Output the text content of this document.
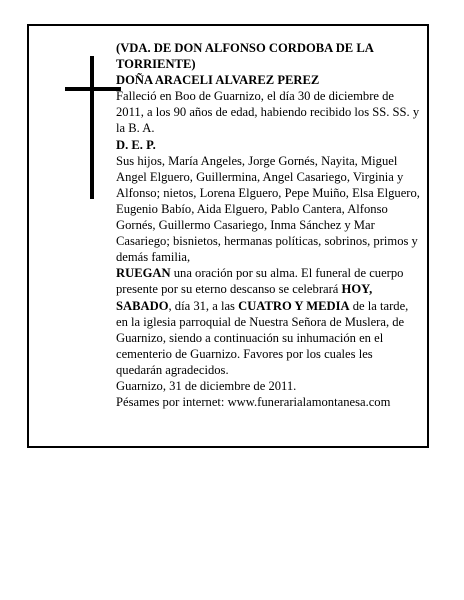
(VDA. DE DON ALFONSO CORDOBA DE LA TORRIENTE)

DOÑA ARACELI ALVAREZ PEREZ

Falleció en Boo de Guarnizo, el día 30 de diciembre de 2011, a los 90 años de edad, habiendo recibido los SS. SS. y la B. A.

D. E. P.

Sus hijos, María Angeles, Jorge Gornés, Nayita, Miguel Angel Elguero, Guillermina, Angel Casariego, Virginia y Alfonso; nietos, Lorena Elguero, Pepe Muiño, Elsa Elguero, Eugenio Babío, Aida Elguero, Pablo Cantera, Alfonso Gornés, Guillermo Casariego, Inma Sánchez y Mar Casariego; bisnietos, hermanas políticas, sobrinos, primos y demás familia,

RUEGAN una oración por su alma. El funeral de cuerpo presente por su eterno descanso se celebrará HOY, SABADO, día 31, a las CUATRO Y MEDIA de la tarde, en la iglesia parroquial de Nuestra Señora de Muslera, de Guarnizo, siendo a continuación su inhumación en el cementerio de Guarnizo. Favores por los cuales les quedarán agradecidos.

Guarnizo, 31 de diciembre de 2011.

Pésames por internet: www.funerarialamontanesa.com
